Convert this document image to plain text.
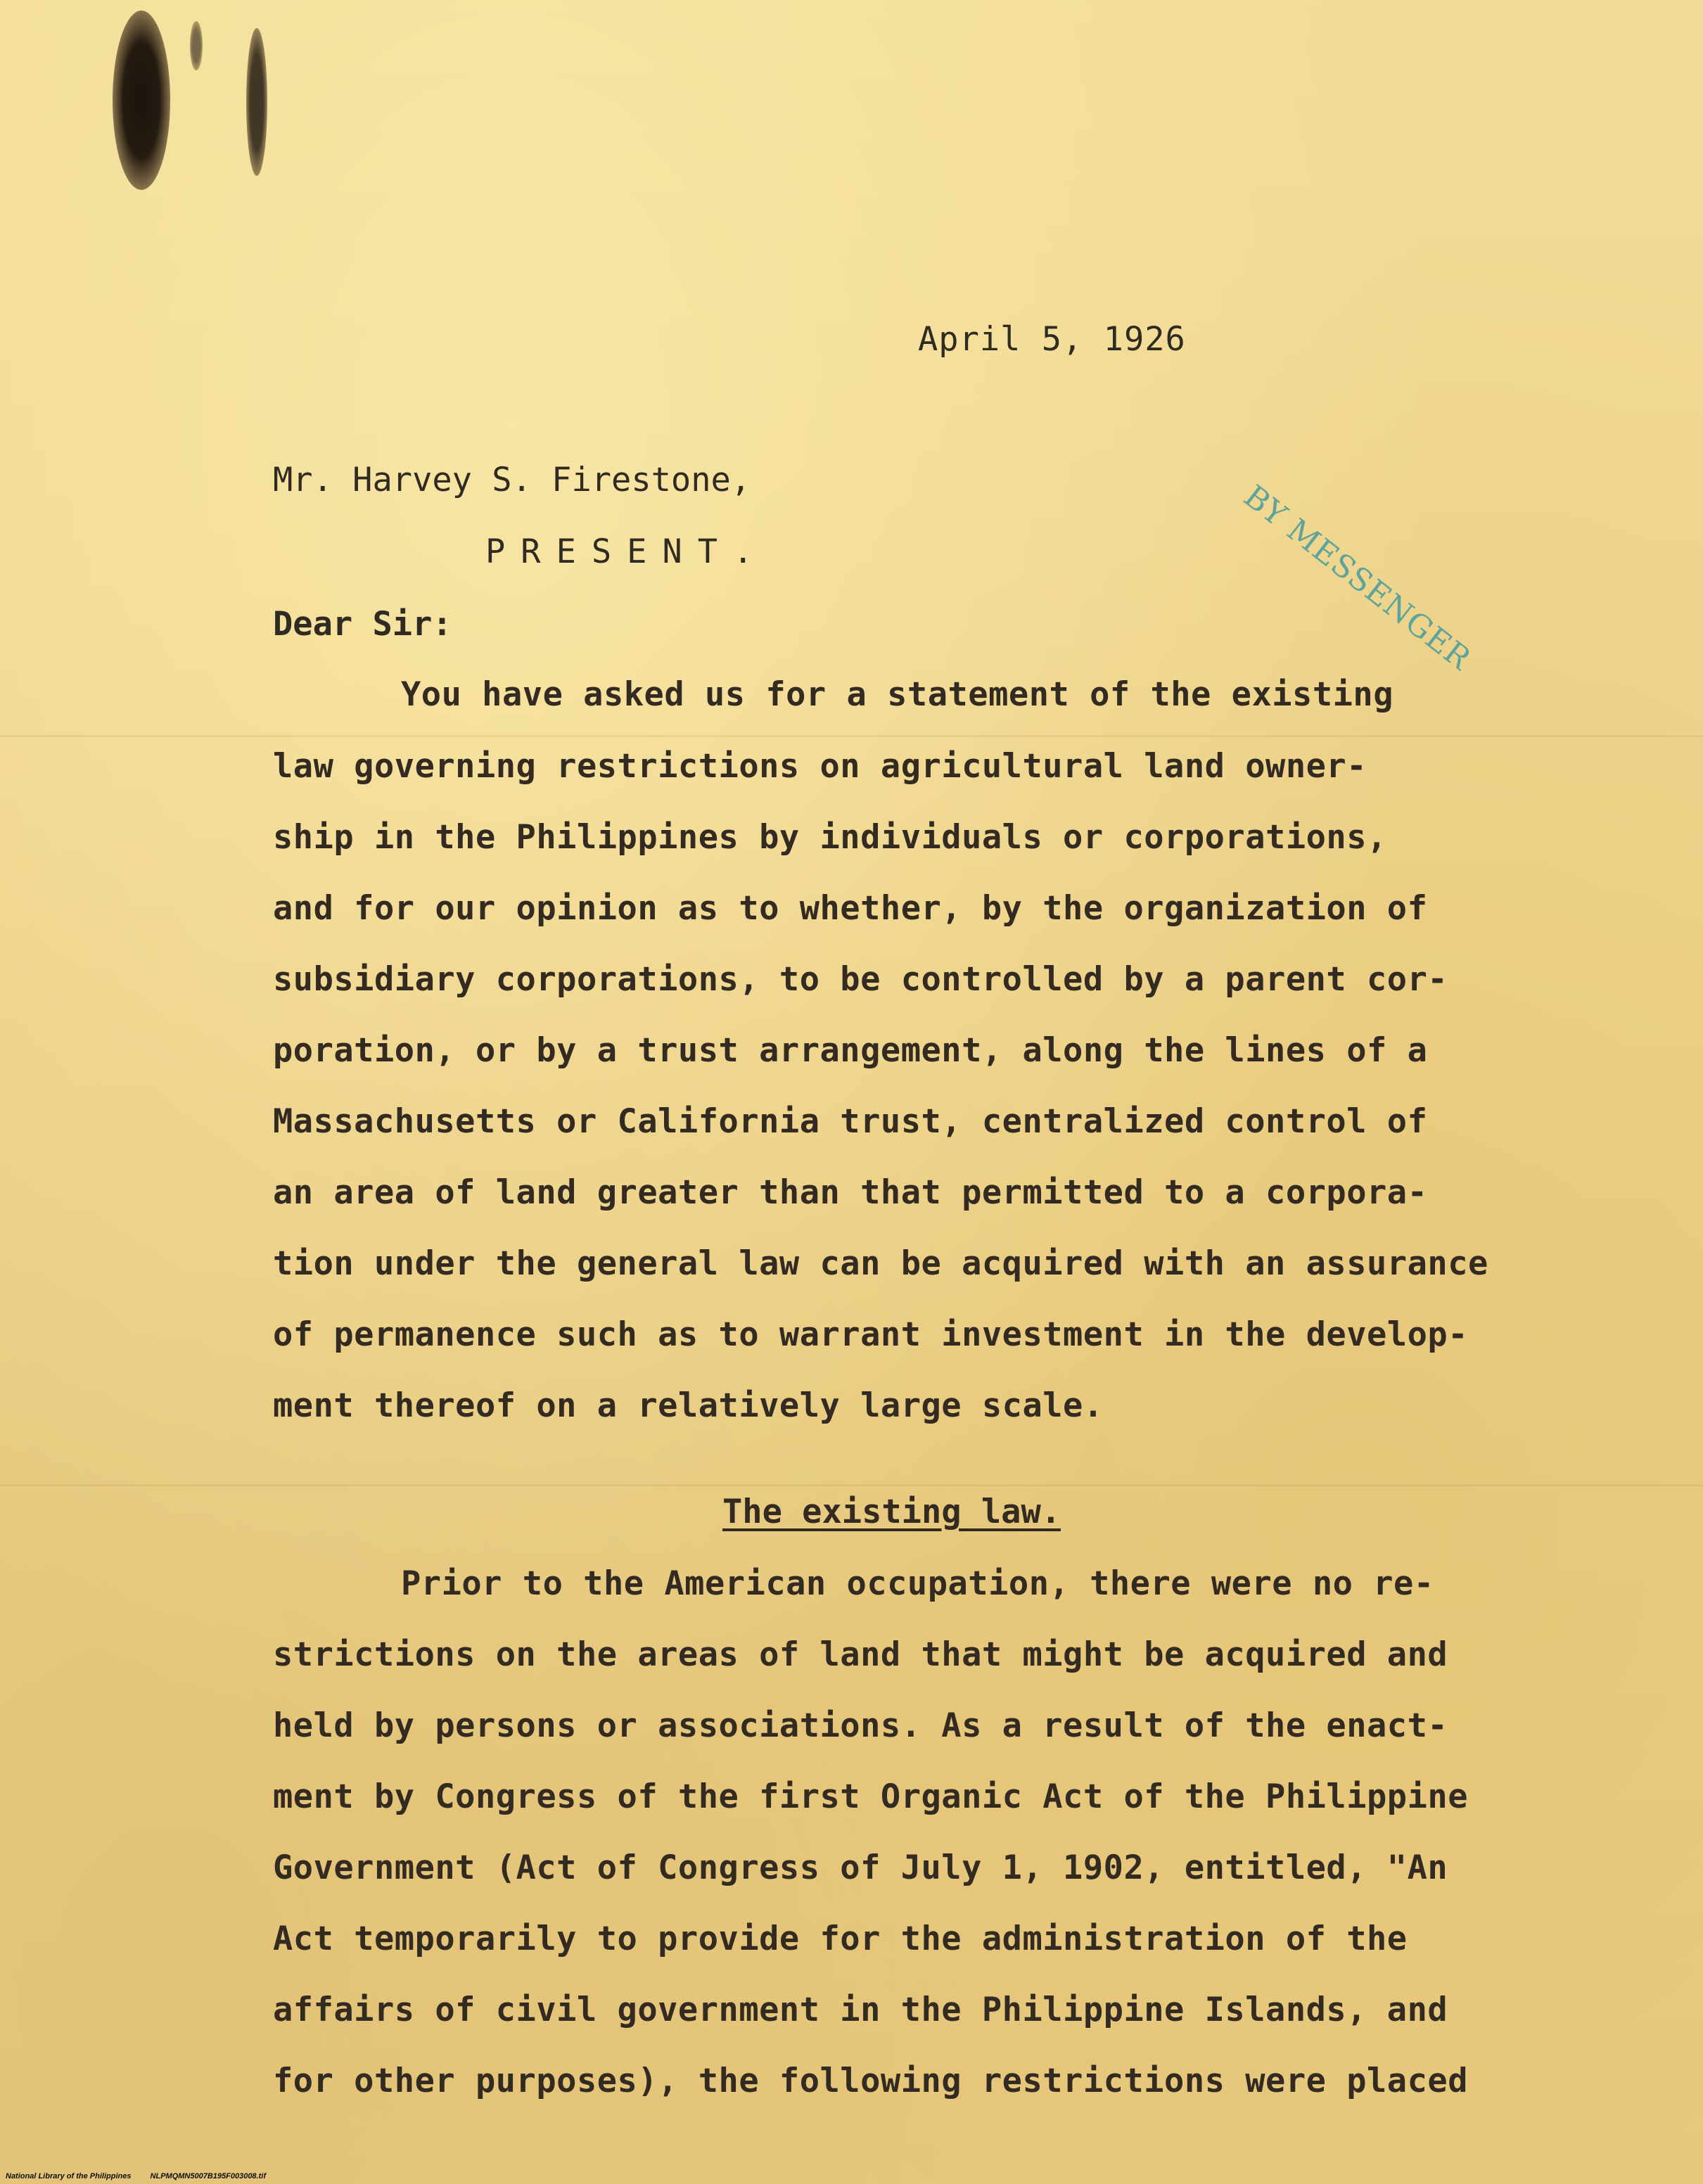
April 5, 1926
BY MESSENGER
Mr. Harvey S. Firestone,
PRESENT.
Dear Sir:
You have asked us for a statement of the existing
law governing restrictions on agricultural land owner-
ship in the Philippines by individuals or corporations,
and for our opinion as to whether, by the organization of
subsidiary corporations, to be controlled by a parent cor-
poration, or by a trust arrangement, along the lines of a
Massachusetts or California trust, centralized control of
an area of land greater than that permitted to a corpora-
tion under the general law can be acquired with an assurance
of permanence such as to warrant investment in the develop-
ment thereof on a relatively large scale.
The existing law.
Prior to the American occupation, there were no re-
strictions on the areas of land that might be acquired and
held by persons or associations. As a result of the enact-
ment by Congress of the first Organic Act of the Philippine
Government (Act of Congress of July 1, 1902, entitled, "An
Act temporarily to provide for the administration of the
affairs of civil government in the Philippine Islands, and
for other purposes), the following restrictions were placed
National Library of the Philippines NLPMQMN5007B195F003008.tif
